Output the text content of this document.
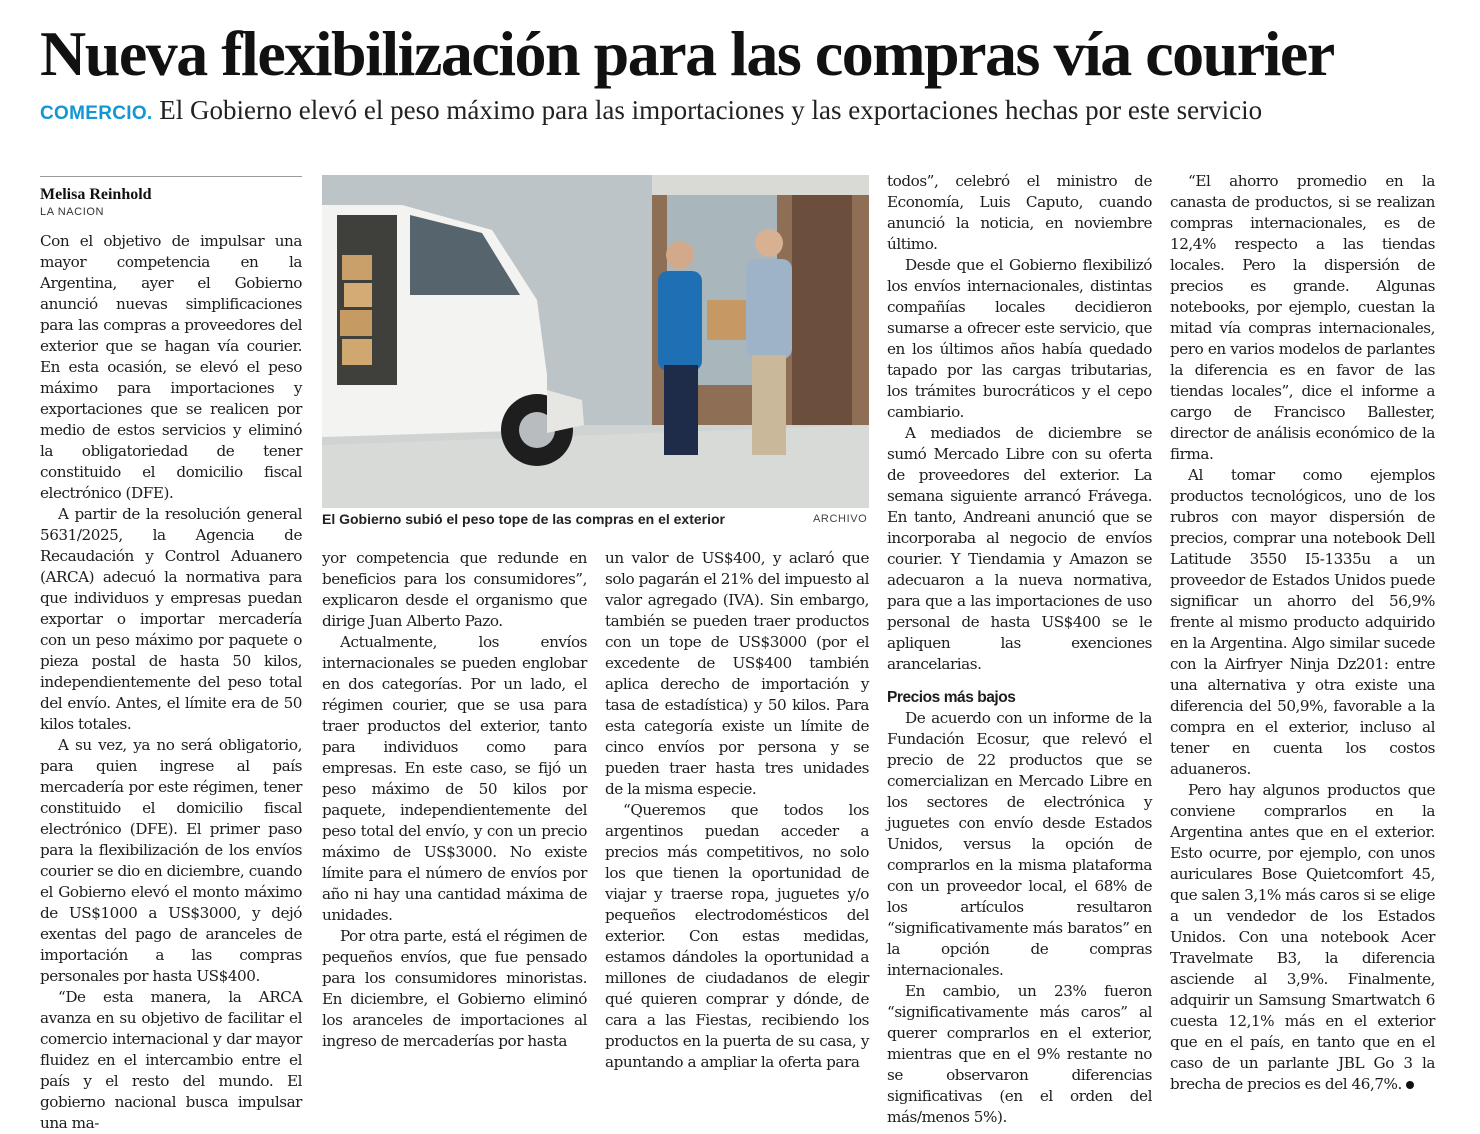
Nueva flexibilización para las compras vía courier

COMERCIO. El Gobierno elevó el peso máximo para las importaciones y las exportaciones hechas por este servicio

Melisa Reinhold
LA NACION
El Gobierno subió el peso tope de las compras en el exterior	ARCHIVO

Con el objetivo de impulsar una mayor competencia en la Argentina, ayer el Gobierno anunció nuevas simplificaciones para las compras a proveedores del exterior que se hagan vía courier. En esta ocasión, se elevó el peso máximo para importaciones y exportaciones que se realicen por medio de estos servicios y eliminó la obligatoriedad de tener constituido el domicilio fiscal electrónico (DFE).

A partir de la resolución general 5631/2025, la Agencia de Recaudación y Control Aduanero (ARCA) adecuó la normativa para que individuos y empresas puedan exportar o importar mercadería con un peso máximo por paquete o pieza postal de hasta 50 kilos, independientemente del peso total del envío. Antes, el límite era de 50 kilos totales.

A su vez, ya no será obligatorio, para quien ingrese al país mercadería por este régimen, tener constituido el domicilio fiscal electrónico (DFE). El primer paso para la flexibilización de los envíos courier se dio en diciembre, cuando el Gobierno elevó el monto máximo de US$1000 a US$3000, y dejó exentas del pago de aranceles de importación a las compras personales por hasta US$400.

“De esta manera, la ARCA avanza en su objetivo de facilitar el comercio internacional y dar mayor fluidez en el intercambio entre el país y el resto del mundo. El gobierno nacional busca impulsar una ma-

yor competencia que redunde en beneficios para los consumidores”, explicaron desde el organismo que dirige Juan Alberto Pazo.

Actualmente, los envíos internacionales se pueden englobar en dos categorías. Por un lado, el régimen courier, que se usa para traer productos del exterior, tanto para individuos como para empresas. En este caso, se fijó un peso máximo de 50 kilos por paquete, independientemente del peso total del envío, y con un precio máximo de US$3000. No existe límite para el número de envíos por año ni hay una cantidad máxima de unidades.

Por otra parte, está el régimen de pequeños envíos, que fue pensado para los consumidores minoristas. En diciembre, el Gobierno eliminó los aranceles de importaciones al ingreso de mercaderías por hasta

un valor de US$400, y aclaró que solo pagarán el 21% del impuesto al valor agregado (IVA). Sin embargo, también se pueden traer productos con un tope de US$3000 (por el excedente de US$400 también aplica derecho de importación y tasa de estadística) y 50 kilos. Para esta categoría existe un límite de cinco envíos por persona y se pueden traer hasta tres unidades de la misma especie.

“Queremos que todos los argentinos puedan acceder a precios más competitivos, no solo los que tienen la oportunidad de viajar y traerse ropa, juguetes y/o pequeños electrodomésticos del exterior. Con estas medidas, estamos dándoles la oportunidad a millones de ciudadanos de elegir qué quieren comprar y dónde, de cara a las Fiestas, recibiendo los productos en la puerta de su casa, y apuntando a ampliar la oferta para

todos”, celebró el ministro de Economía, Luis Caputo, cuando anunció la noticia, en noviembre último.

Desde que el Gobierno flexibilizó los envíos internacionales, distintas compañías locales decidieron sumarse a ofrecer este servicio, que en los últimos años había quedado tapado por las cargas tributarias, los trámites burocráticos y el cepo cambiario.

A mediados de diciembre se sumó Mercado Libre con su oferta de proveedores del exterior. La semana siguiente arrancó Frávega. En tanto, Andreani anunció que se incorporaba al negocio de envíos courier. Y Tiendamia y Amazon se adecuaron a la nueva normativa, para que a las importaciones de uso personal de hasta US$400 se le apliquen las exenciones arancelarias.

Precios más bajos

De acuerdo con un informe de la Fundación Ecosur, que relevó el precio de 22 productos que se comercializan en Mercado Libre en los sectores de electrónica y juguetes con envío desde Estados Unidos, versus la opción de comprarlos en la misma plataforma con un proveedor local, el 68% de los artículos resultaron “significativamente más baratos” en la opción de compras internacionales.

En cambio, un 23% fueron “significativamente más caros” al querer comprarlos en el exterior, mientras que en el 9% restante no se observaron diferencias significativas (en el orden del más/menos 5%).

“El ahorro promedio en la canasta de productos, si se realizan compras internacionales, es de 12,4% respecto a las tiendas locales. Pero la dispersión de precios es grande. Algunas notebooks, por ejemplo, cuestan la mitad vía compras internacionales, pero en varios modelos de parlantes la diferencia es en favor de las tiendas locales”, dice el informe a cargo de Francisco Ballester, director de análisis económico de la firma.

Al tomar como ejemplos productos tecnológicos, uno de los rubros con mayor dispersión de precios, comprar una notebook Dell Latitude 3550 I5-1335u a un proveedor de Estados Unidos puede significar un ahorro del 56,9% frente al mismo producto adquirido en la Argentina. Algo similar sucede con la Airfryer Ninja Dz201: entre una alternativa y otra existe una diferencia del 50,9%, favorable a la compra en el exterior, incluso al tener en cuenta los costos aduaneros.

Pero hay algunos productos que conviene comprarlos en la Argentina antes que en el exterior. Esto ocurre, por ejemplo, con unos auriculares Bose Quietcomfort 45, que salen 3,1% más caros si se elige a un vendedor de los Estados Unidos. Con una notebook Acer Travelmate B3, la diferencia asciende al 3,9%. Finalmente, adquirir un Samsung Smartwatch 6 cuesta 12,1% más en el exterior que en el país, en tanto que en el caso de un parlante JBL Go 3 la brecha de precios es del 46,7%.
